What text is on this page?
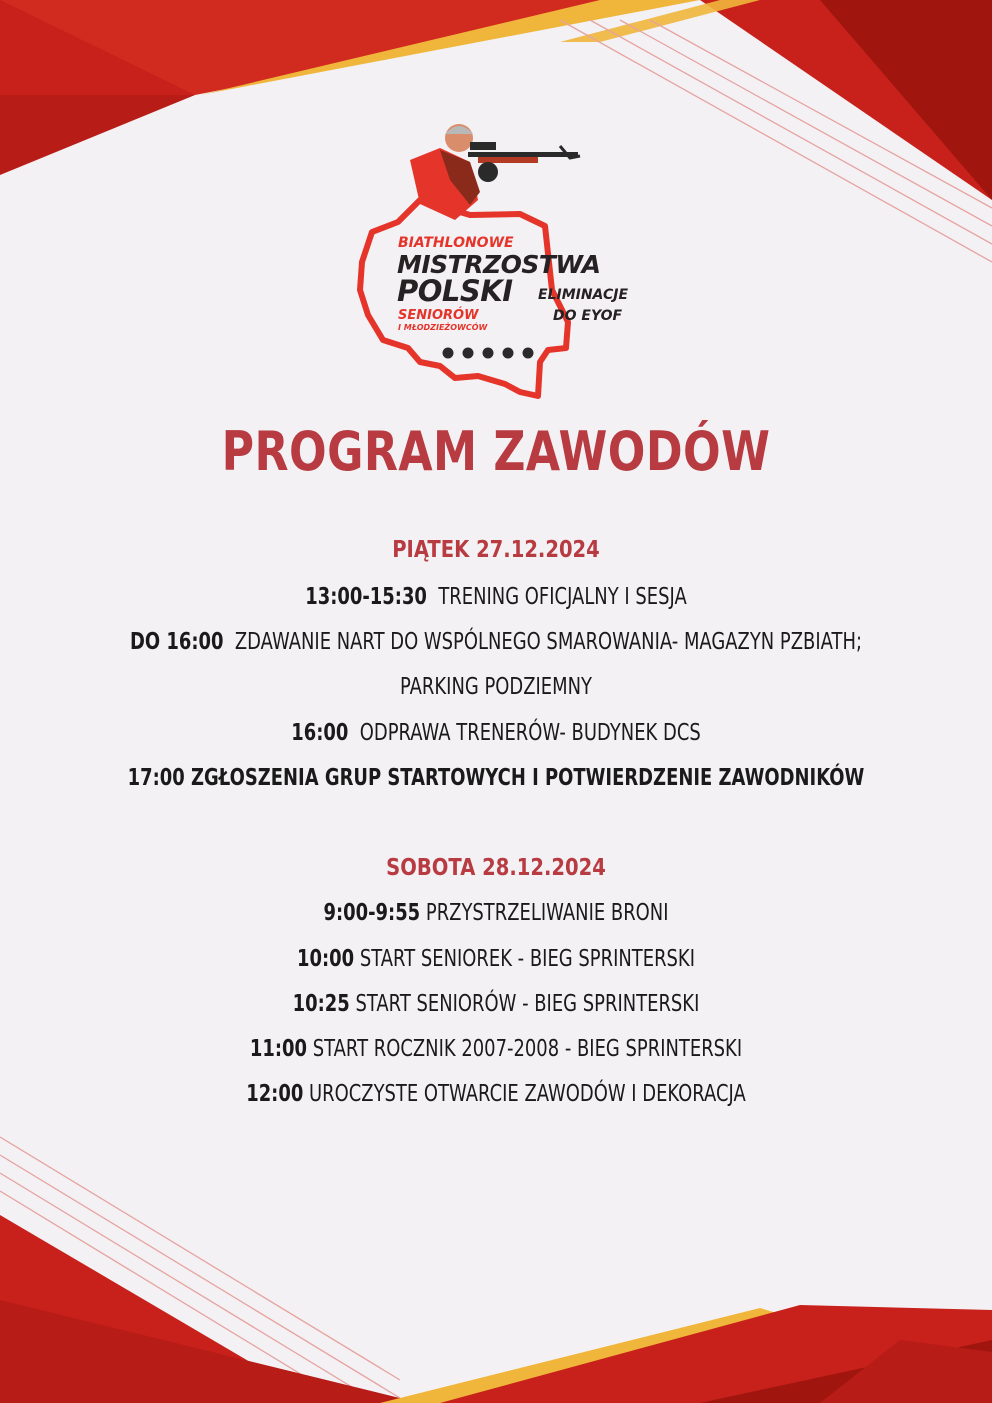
BIATHLONOWE
MISTRZOSTWA
POLSKI
SENIORÓW
I MŁODZIEŻOWCÓW
ELIMINACJE
DO EYOF
PROGRAM ZAWODÓW
PIĄTEK 27.12.2024
13:00-15:30 TRENING OFICJALNY I SESJA
DO 16:00 ZDAWANIE NART DO WSPÓLNEGO SMAROWANIA- MAGAZYN PZBIATH;
PARKING PODZIEMNY
16:00 ODPRAWA TRENERÓW- BUDYNEK DCS
17:00 ZGŁOSZENIA GRUP STARTOWYCH I POTWIERDZENIE ZAWODNIKÓW
SOBOTA 28.12.2024
9:00-9:55 PRZYSTRZELIWANIE BRONI
10:00 START SENIOREK - BIEG SPRINTERSKI
10:25 START SENIORÓW - BIEG SPRINTERSKI
11:00 START ROCZNIK 2007-2008 - BIEG SPRINTERSKI
12:00 UROCZYSTE OTWARCIE ZAWODÓW I DEKORACJA
